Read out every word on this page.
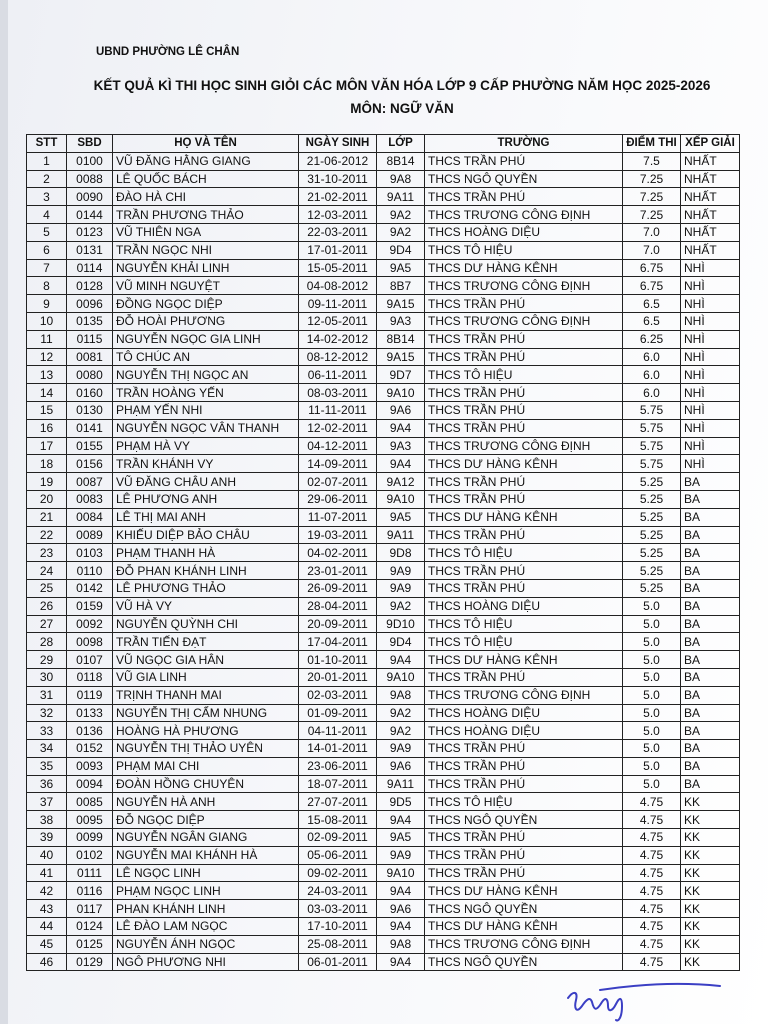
UBND PHƯỜNG LÊ CHÂN
KẾT QUẢ KÌ THI HỌC SINH GIỎI CÁC MÔN VĂN HÓA LỚP 9 CẤP PHƯỜNG NĂM HỌC 2025-2026
MÔN: NGỮ VĂN
STT	SBD	HỌ VÀ TÊN	NGÀY SINH	LỚP	TRƯỜNG	ĐIỂM THI	XẾP GIẢI
1	0100	VŨ ĐĂNG HẰNG GIANG	21-06-2012	8B14	THCS TRẦN PHÚ	7.5	NHẤT
2	0088	LÊ QUỐC BÁCH	31-10-2011	9A8	THCS NGÔ QUYỀN	7.25	NHẤT
3	0090	ĐÀO HÀ CHI	21-02-2011	9A11	THCS TRẦN PHÚ	7.25	NHẤT
4	0144	TRẦN PHƯƠNG THẢO	12-03-2011	9A2	THCS TRƯƠNG CÔNG ĐỊNH	7.25	NHẤT
5	0123	VŨ THIÊN NGA	22-03-2011	9A2	THCS HOÀNG DIỆU	7.0	NHẤT
6	0131	TRẦN NGỌC NHI	17-01-2011	9D4	THCS TÔ HIỆU	7.0	NHẤT
7	0114	NGUYỄN KHẢI LINH	15-05-2011	9A5	THCS DƯ HÀNG KÊNH	6.75	NHÌ
8	0128	VŨ MINH NGUYỆT	04-08-2012	8B7	THCS TRƯƠNG CÔNG ĐỊNH	6.75	NHÌ
9	0096	ĐỒNG NGỌC DIỆP	09-11-2011	9A15	THCS TRẦN PHÚ	6.5	NHÌ
10	0135	ĐỖ HOÀI PHƯƠNG	12-05-2011	9A3	THCS TRƯƠNG CÔNG ĐỊNH	6.5	NHÌ
11	0115	NGUYỄN NGỌC GIA LINH	14-02-2012	8B14	THCS TRẦN PHÚ	6.25	NHÌ
12	0081	TÔ CHÚC AN	08-12-2012	9A15	THCS TRẦN PHÚ	6.0	NHÌ
13	0080	NGUYỄN THỊ NGỌC AN	06-11-2011	9D7	THCS TÔ HIỆU	6.0	NHÌ
14	0160	TRẦN HOÀNG YẾN	08-03-2011	9A10	THCS TRẦN PHÚ	6.0	NHÌ
15	0130	PHẠM YẾN NHI	11-11-2011	9A6	THCS TRẦN PHÚ	5.75	NHÌ
16	0141	NGUYỄN NGỌC VÂN THANH	12-02-2011	9A4	THCS TRẦN PHÚ	5.75	NHÌ
17	0155	PHẠM HÀ VY	04-12-2011	9A3	THCS TRƯƠNG CÔNG ĐỊNH	5.75	NHÌ
18	0156	TRẦN KHÁNH VY	14-09-2011	9A4	THCS DƯ HÀNG KÊNH	5.75	NHÌ
19	0087	VŨ ĐĂNG CHÂU ANH	02-07-2011	9A12	THCS TRẦN PHÚ	5.25	BA
20	0083	LÊ PHƯƠNG ANH	29-06-2011	9A10	THCS TRẦN PHÚ	5.25	BA
21	0084	LÊ THỊ MAI ANH	11-07-2011	9A5	THCS DƯ HÀNG KÊNH	5.25	BA
22	0089	KHIẾU DIỆP BẢO CHÂU	19-03-2011	9A11	THCS TRẦN PHÚ	5.25	BA
23	0103	PHẠM THANH HÀ	04-02-2011	9D8	THCS TÔ HIỆU	5.25	BA
24	0110	ĐỖ PHAN KHÁNH LINH	23-01-2011	9A9	THCS TRẦN PHÚ	5.25	BA
25	0142	LÊ PHƯƠNG THẢO	26-09-2011	9A9	THCS TRẦN PHÚ	5.25	BA
26	0159	VŨ HÀ VY	28-04-2011	9A2	THCS HOÀNG DIỆU	5.0	BA
27	0092	NGUYỄN QUỲNH CHI	20-09-2011	9D10	THCS TÔ HIỆU	5.0	BA
28	0098	TRẦN TIẾN ĐẠT	17-04-2011	9D4	THCS TÔ HIỆU	5.0	BA
29	0107	VŨ NGỌC GIA HÂN	01-10-2011	9A4	THCS DƯ HÀNG KÊNH	5.0	BA
30	0118	VŨ GIA LINH	20-01-2011	9A10	THCS TRẦN PHÚ	5.0	BA
31	0119	TRỊNH THANH MAI	02-03-2011	9A8	THCS TRƯƠNG CÔNG ĐỊNH	5.0	BA
32	0133	NGUYỄN THỊ CẨM NHUNG	01-09-2011	9A2	THCS HOÀNG DIỆU	5.0	BA
33	0136	HOÀNG HÀ PHƯƠNG	04-11-2011	9A2	THCS HOÀNG DIỆU	5.0	BA
34	0152	NGUYỄN THỊ THẢO UYÊN	14-01-2011	9A9	THCS TRẦN PHÚ	5.0	BA
35	0093	PHẠM MAI CHI	23-06-2011	9A6	THCS TRẦN PHÚ	5.0	BA
36	0094	ĐOÀN HỒNG CHUYÊN	18-07-2011	9A11	THCS TRẦN PHÚ	5.0	BA
37	0085	NGUYỄN HÀ ANH	27-07-2011	9D5	THCS TÔ HIỆU	4.75	KK
38	0095	ĐỖ NGỌC DIỆP	15-08-2011	9A4	THCS NGÔ QUYỀN	4.75	KK
39	0099	NGUYỄN NGÂN GIANG	02-09-2011	9A5	THCS TRẦN PHÚ	4.75	KK
40	0102	NGUYỄN MAI KHÁNH HÀ	05-06-2011	9A9	THCS TRẦN PHÚ	4.75	KK
41	0111	LÊ NGỌC LINH	09-02-2011	9A10	THCS TRẦN PHÚ	4.75	KK
42	0116	PHẠM NGỌC LINH	24-03-2011	9A4	THCS DƯ HÀNG KÊNH	4.75	KK
43	0117	PHAN KHÁNH LINH	03-03-2011	9A6	THCS NGÔ QUYỀN	4.75	KK
44	0124	LÊ ĐÀO LAM NGỌC	17-10-2011	9A4	THCS DƯ HÀNG KÊNH	4.75	KK
45	0125	NGUYỄN ÁNH NGỌC	25-08-2011	9A8	THCS TRƯƠNG CÔNG ĐỊNH	4.75	KK
46	0129	NGÔ PHƯƠNG NHI	06-01-2011	9A4	THCS NGÔ QUYỀN	4.75	KK
